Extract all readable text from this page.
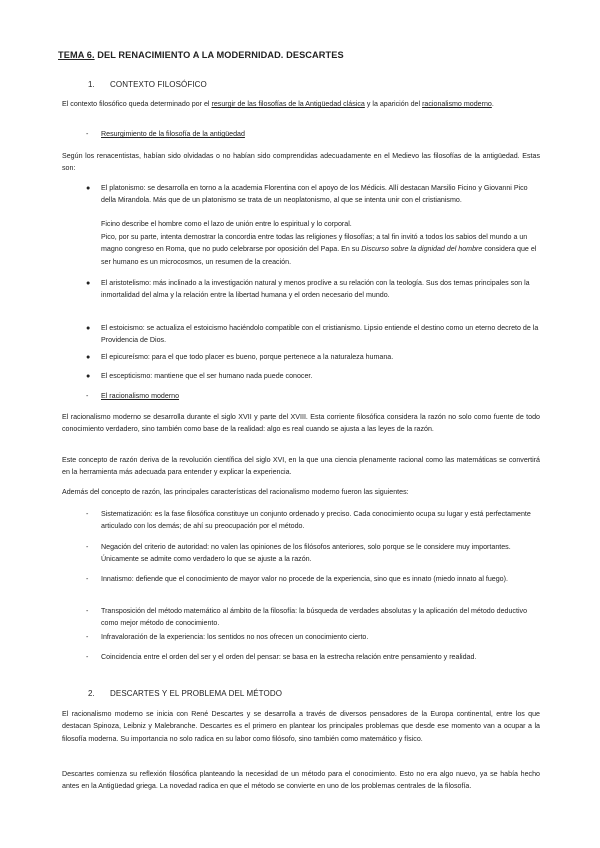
TEMA 6. DEL RENACIMIENTO A LA MODERNIDAD. DESCARTES
1. CONTEXTO FILOSÓFICO
El contexto filosófico queda determinado por el resurgir de las filosofías de la Antigüedad clásica y la aparición del racionalismo moderno.
- Resurgimiento de la filosofía de la antigüedad
Según los renacentistas, habían sido olvidadas o no habían sido comprendidas adecuadamente en el Medievo las filosofías de la antigüedad. Estas son:
● El platonismo: se desarrolla en torno a la academia Florentina con el apoyo de los Médicis. Allí destacan Marsilio Ficino y Giovanni Pico della Mirandola. Más que de un platonismo se trata de un neoplatonismo, al que se intenta unir con el cristianismo.
Ficino describe el hombre como el lazo de unión entre lo espiritual y lo corporal.
Pico, por su parte, intenta demostrar la concordia entre todas las religiones y filosofías; a tal fin invitó a todos los sabios del mundo a un magno congreso en Roma, que no pudo celebrarse por oposición del Papa. En su Discurso sobre la dignidad del hombre considera que el ser humano es un microcosmos, un resumen de la creación.
● El aristotelismo: más inclinado a la investigación natural y menos proclive a su relación con la teología. Sus dos temas principales son la inmortalidad del alma y la relación entre la libertad humana y el orden necesario del mundo.
● El estoicismo: se actualiza el estoicismo haciéndolo compatible con el cristianismo. Lipsio entiende el destino como un eterno decreto de la Providencia de Dios.
● El epicureísmo: para el que todo placer es bueno, porque pertenece a la naturaleza humana.
● El escepticismo: mantiene que el ser humano nada puede conocer.
- El racionalismo moderno
El racionalismo moderno se desarrolla durante el siglo XVII y parte del XVIII. Esta corriente filosófica considera la razón no solo como fuente de todo conocimiento verdadero, sino también como base de la realidad: algo es real cuando se ajusta a las leyes de la razón.
Este concepto de razón deriva de la revolución científica del siglo XVI, en la que una ciencia plenamente racional como las matemáticas se convertirá en la herramienta más adecuada para entender y explicar la experiencia.
Además del concepto de razón, las principales características del racionalismo moderno fueron las siguientes:
- Sistematización: es la fase filosófica constituye un conjunto ordenado y preciso. Cada conocimiento ocupa su lugar y está perfectamente articulado con los demás; de ahí su preocupación por el método.
- Negación del criterio de autoridad: no valen las opiniones de los filósofos anteriores, solo porque se le considere muy importantes. Únicamente se admite como verdadero lo que se ajuste a la razón.
- Innatismo: defiende que el conocimiento de mayor valor no procede de la experiencia, sino que es innato (miedo innato al fuego).
- Transposición del método matemático al ámbito de la filosofía: la búsqueda de verdades absolutas y la aplicación del método deductivo como mejor método de conocimiento.
- Infravaloración de la experiencia: los sentidos no nos ofrecen un conocimiento cierto.
- Coincidencia entre el orden del ser y el orden del pensar: se basa en la estrecha relación entre pensamiento y realidad.
2. DESCARTES Y EL PROBLEMA DEL MÉTODO
El racionalismo moderno se inicia con René Descartes y se desarrolla a través de diversos pensadores de la Europa continental, entre los que destacan Spinoza, Leibniz y Malebranche. Descartes es el primero en plantear los principales problemas que desde ese momento van a ocupar a la filosofía moderna. Su importancia no solo radica en su labor como filósofo, sino también como matemático y físico.
Descartes comienza su reflexión filosófica planteando la necesidad de un método para el conocimiento. Esto no era algo nuevo, ya se había hecho antes en la Antigüedad griega. La novedad radica en que el método se convierte en uno de los problemas centrales de la filosofía.
